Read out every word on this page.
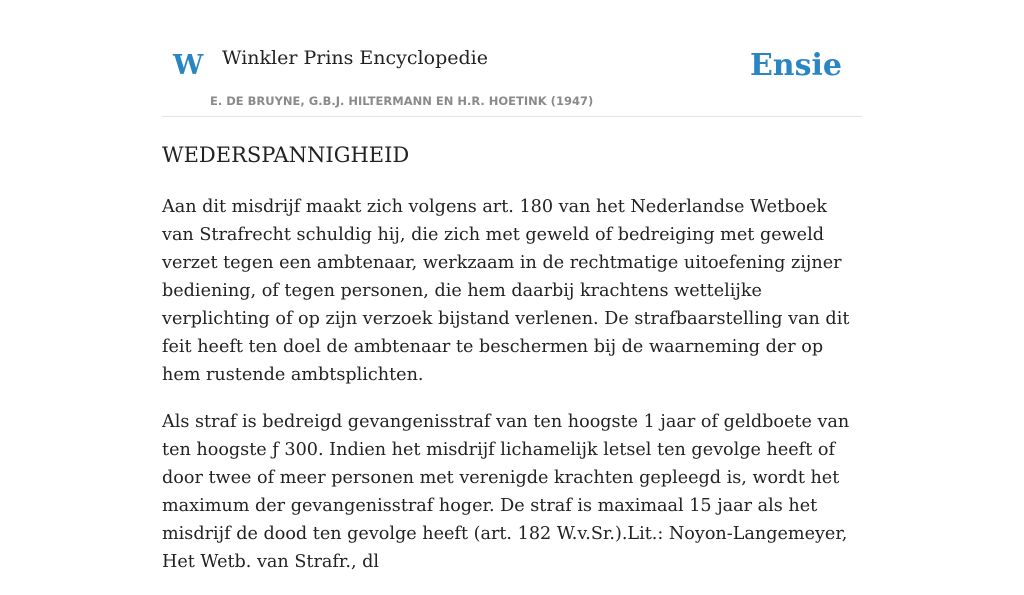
W Winkler Prins Encyclopedie	Ensie
E. DE BRUYNE, G.B.J. HILTERMANN EN H.R. HOETINK (1947)
WEDERSPANNIGHEID

Aan dit misdrijf maakt zich volgens art. 180 van het Nederlandse Wetboek van Strafrecht schuldig hij, die zich met geweld of bedreiging met geweld verzet tegen een ambtenaar, werkzaam in de rechtmatige uitoefening zijner bediening, of tegen personen, die hem daarbij krachtens wettelijke verplichting of op zijn verzoek bijstand verlenen. De strafbaarstelling van dit feit heeft ten doel de ambtenaar te beschermen bij de waarneming der op hem rustende ambtsplichten.

Als straf is bedreigd gevangenisstraf van ten hoogste 1 jaar of geldboete van ten hoogste ƒ 300. Indien het misdrijf lichamelijk letsel ten gevolge heeft of door twee of meer personen met verenigde krachten gepleegd is, wordt het maximum der gevangenisstraf hoger. De straf is maximaal 15 jaar als het misdrijf de dood ten gevolge heeft (art. 182 W.v.Sr.).Lit.: Noyon-Langemeyer, Het Wetb. van Strafr., dl
